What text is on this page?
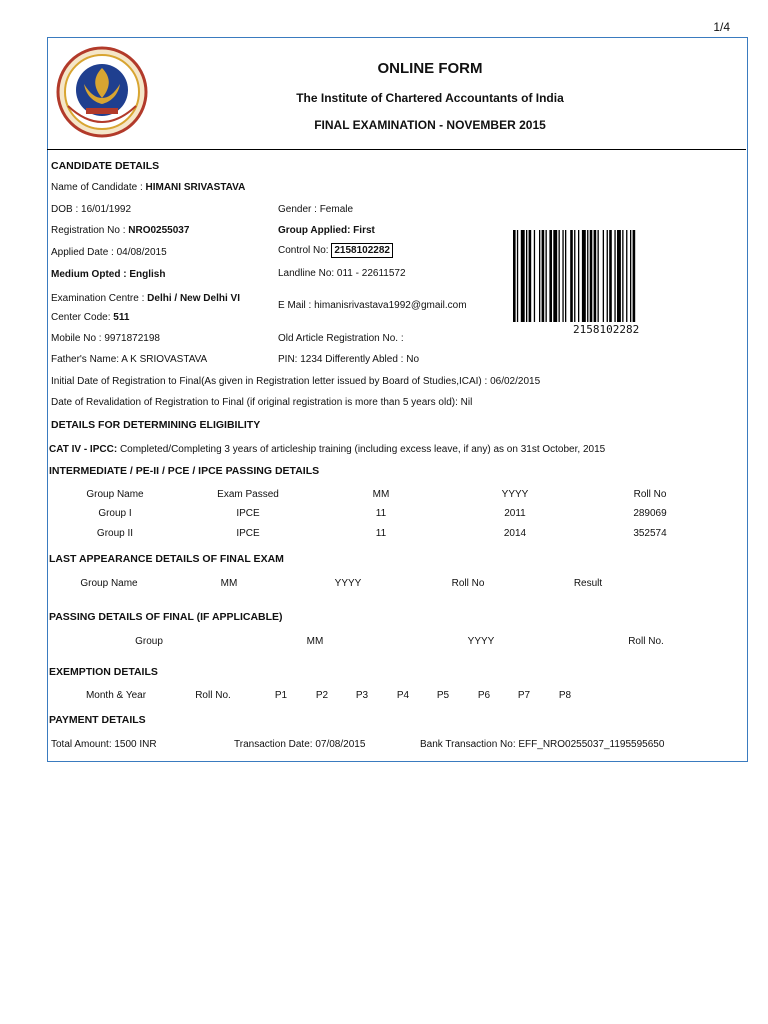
1/4
ONLINE FORM
The Institute of Chartered Accountants of India
FINAL EXAMINATION - NOVEMBER 2015
CANDIDATE DETAILS
Name of Candidate : HIMANI SRIVASTAVA
DOB : 16/01/1992	Gender : Female
Registration No : NRO0255037	Group Applied: First
Applied Date : 04/08/2015	Control No: 2158102282
Medium Opted : English	Landline No: 011 - 22611572
Examination Centre : Delhi / New Delhi VI
E Mail : himanisrivastava1992@gmail.com
Center Code: 511
Mobile No : 9971872198	Old Article Registration No. :
Father's Name: A K SRIOVASTAVA	PIN: 1234 Differently Abled : No
Initial Date of Registration to Final(As given in Registration letter issued by Board of Studies,ICAI) : 06/02/2015
Date of Revalidation of Registration to Final (if original registration is more than 5 years old): Nil
2158102282
DETAILS FOR DETERMINING ELIGIBILITY
CAT IV - IPCC: Completed/Completing 3 years of articleship training (including excess leave, if any) as on 31st October, 2015
INTERMEDIATE / PE-II / PCE / IPCE PASSING DETAILS
Group Name	Exam Passed	MM	YYYY	Roll No
Group I	IPCE	11	2011	289069
Group II	IPCE	11	2014	352574
LAST APPEARANCE DETAILS OF FINAL EXAM
Group Name	MM	YYYY	Roll No	Result
PASSING DETAILS OF FINAL (IF APPLICABLE)
Group	MM	YYYY	Roll No.
EXEMPTION DETAILS
Month & Year	Roll No.	P1	P2	P3	P4	P5	P6	P7	P8
PAYMENT DETAILS
Total Amount: 1500 INR	Transaction Date: 07/08/2015	Bank Transaction No: EFF_NRO0255037_1195595650
